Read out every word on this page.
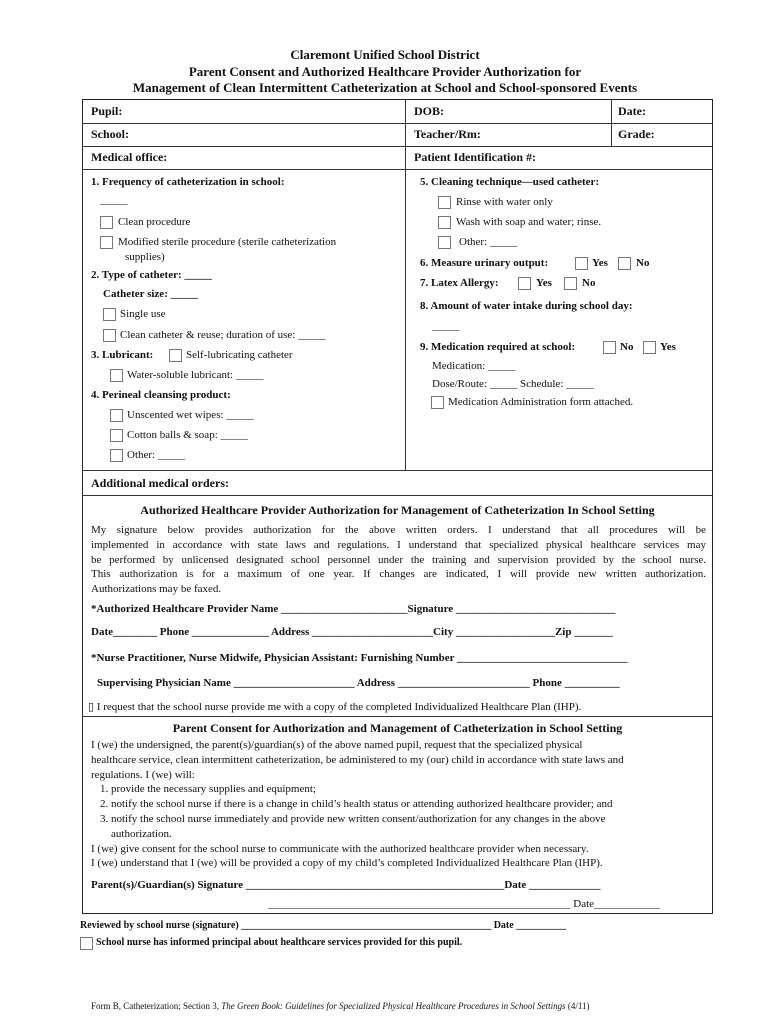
Claremont Unified School District
Parent Consent and Authorized Healthcare Provider Authorization for
Management of Clean Intermittent Catheterization at School and School-sponsored Events
Pupil:	DOB:	Date:
School:	Teacher/Rm:	Grade:
Medical office:	Patient Identification #:
1. Frequency of catheterization in school:
_____
Clean procedure
Modified sterile procedure (sterile catheterization
supplies)
2. Type of catheter: _____
Catheter size: _____
Single use
Clean catheter & reuse; duration of use: _____
3. Lubricant:	Self-lubricating catheter
Water-soluble lubricant: _____
4. Perineal cleansing product:
Unscented wet wipes: _____
Cotton balls & soap: _____
Other: _____
5. Cleaning technique—used catheter:
Rinse with water only
Wash with soap and water; rinse.
Other: _____
6. Measure urinary output:	Yes	No
7. Latex Allergy:	Yes	No
8. Amount of water intake during school day:
_____
9. Medication required at school:	No Yes
Medication: _____
Dose/Route: _____ Schedule: _____
Medication Administration form attached.
Additional medical orders:
Authorized Healthcare Provider Authorization for Management of Catheterization In School Setting
My signature below provides authorization for the above written orders. I understand that all procedures will be
implemented in accordance with state laws and regulations. I understand that specialized physical healthcare services may
be performed by unlicensed designated school personnel under the training and supervision provided by the school nurse.
This authorization is for a maximum of one year. If changes are indicated, I will provide new written authorization.
Authorizations may be faxed.
*Authorized Healthcare Provider Name _______________________Signature _____________________________
Date________ Phone ______________ Address ______________________City __________________Zip _______
*Nurse Practitioner, Nurse Midwife, Physician Assistant: Furnishing Number _______________________________
Supervising Physician Name ______________________ Address ________________________ Phone __________
▯ I request that the school nurse provide me with a copy of the completed Individualized Healthcare Plan (IHP).
Parent Consent for Authorization and Management of Catheterization in School Setting
I (we) the undersigned, the parent(s)/guardian(s) of the above named pupil, request that the specialized physical
healthcare service, clean intermittent catheterization, be administered to my (our) child in accordance with state laws and
regulations. I (we) will:
1. provide the necessary supplies and equipment;
2. notify the school nurse if there is a change in child’s health status or attending authorized healthcare provider; and
3. notify the school nurse immediately and provide new written consent/authorization for any changes in the above
authorization.
I (we) give consent for the school nurse to communicate with the authorized healthcare provider when necessary.
I (we) understand that I (we) will be provided a copy of my child’s completed Individualized Healthcare Plan (IHP).
Parent(s)/Guardian(s) Signature _______________________________________________Date _____________
_______________________________________________________ Date____________
Reviewed by school nurse (signature) __________________________________________________ Date __________
School nurse has informed principal about healthcare services provided for this pupil.
Form B, Catheterization; Section 3, The Green Book: Guidelines for Specialized Physical Healthcare Procedures in School Settings (4/11)
